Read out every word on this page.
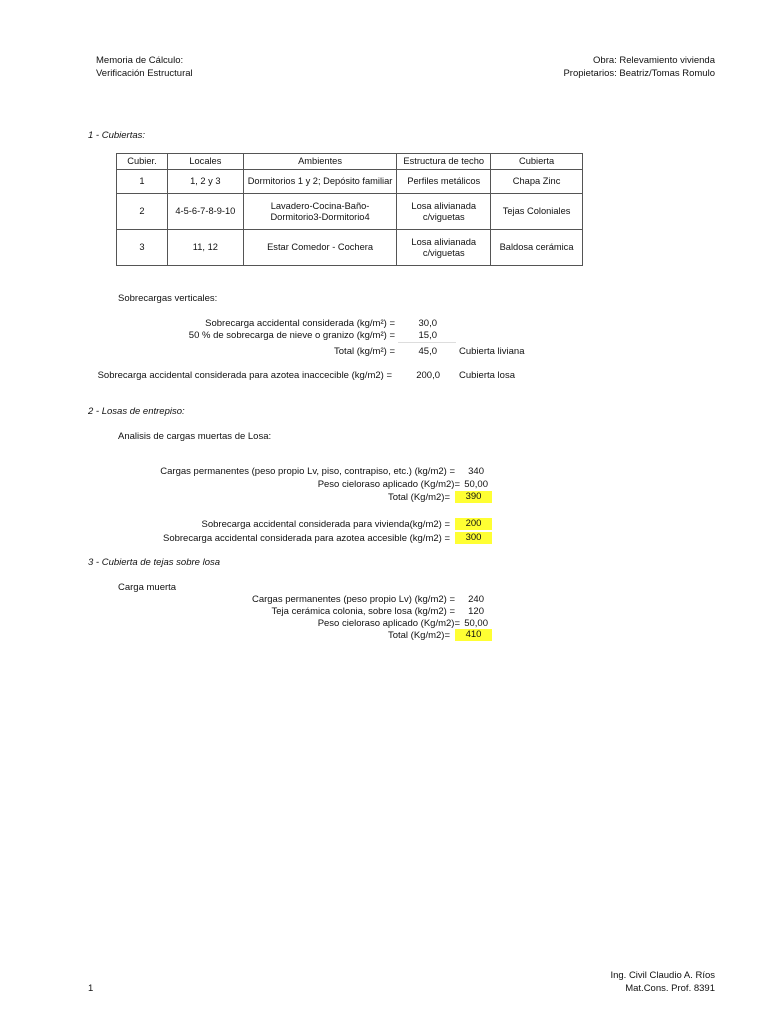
Memoria de Cálculo:
Verificación Estructural
Obra: Relevamiento vivienda
Propietarios: Beatriz/Tomas Romulo
1 - Cubiertas:
Cubier.	Locales	Ambientes	Estructura de techo	Cubierta
1	1, 2 y 3	Dormitorios 1 y 2; Depósito familiar	Perfiles metálicos	Chapa Zinc
2	4-5-6-7-8-9-10	Lavadero-Cocina-Baño-Dormitorio3-Dormitorio4	Losa alivianada c/viguetas	Tejas Coloniales
3	11, 12	Estar Comedor - Cochera	Losa alivianada c/viguetas	Baldosa cerámica
Sobrecargas verticales:
Sobrecarga accidental considerada (kg/m²) = 30,0
50 % de sobrecarga de nieve o granizo (kg/m²) = 15,0
Total (kg/m²) = 45,0 Cubierta liviana
Sobrecarga accidental considerada para azotea inaccecible (kg/m2) =	200,0 Cubierta losa
2 - Losas de entrepiso:
Analisis de cargas muertas de Losa:
Cargas permanentes (peso propio Lv, piso, contrapiso, etc.) (kg/m2) = 340
Peso cieloraso aplicado (Kg/m2)= 50,00
Total (Kg/m2)=	390
Sobrecarga accidental considerada para vivienda(kg/m2) =	200
Sobrecarga accidental considerada para azotea accesible (kg/m2) =	300
3 - Cubierta de tejas sobre losa
Carga muerta
Cargas permanentes (peso propio Lv) (kg/m2) = 240
Teja cerámica colonia, sobre losa (kg/m2) = 120
Peso cieloraso aplicado (Kg/m2)= 50,00
Total (Kg/m2)=	410
1
Ing. Civil Claudio A. Ríos
Mat.Cons. Prof. 8391
